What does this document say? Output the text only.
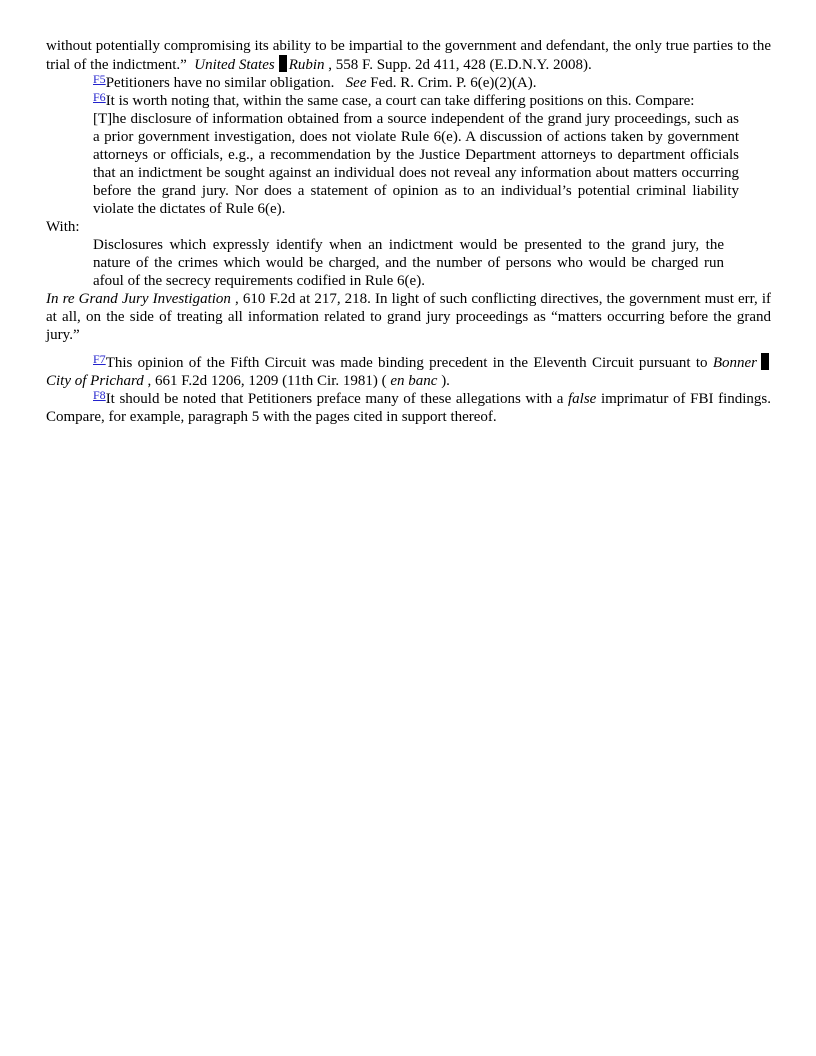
without potentially compromising its ability to be impartial to the government and defendant, the only true parties to the trial of the indictment.” United States Rubin , 558 F. Supp. 2d 411, 428 (E.D.N.Y. 2008).

$^{F5}$Petitioners have no similar obligation. See Fed. R. Crim. P. 6(e)(2)(A).

$^{F6}$It is worth noting that, within the same case, a court can take differing positions on this. Compare:

[T]he disclosure of information obtained from a source independent of the grand jury proceedings, such as a prior government investigation, does not violate Rule 6(e). A discussion of actions taken by government attorneys or officials, e.g., a recommendation by the Justice Department attorneys to department officials that an indictment be sought against an individual does not reveal any information about matters occurring before the grand jury. Nor does a statement of opinion as to an individual’s potential criminal liability violate the dictates of Rule 6(e).

With:

Disclosures which expressly identify when an indictment would be presented to the grand jury, the nature of the crimes which would be charged, and the number of persons who would be charged run afoul of the secrecy requirements codified in Rule 6(e).

In re Grand Jury Investigation , 610 F.2d at 217, 218. In light of such conflicting directives, the government must err, if at all, on the side of treating all information related to grand jury proceedings as “matters occurring before the grand jury.”

$^{F7}$This opinion of the Fifth Circuit was made binding precedent in the Eleventh Circuit pursuant to BonnerCity of Prichard , 661 F.2d 1206, 1209 (11th Cir. 1981) ( en banc ).

$^{F8}$It should be noted that Petitioners preface many of these allegations with a false imprimatur of FBI findings. Compare, for example, paragraph 5 with the pages cited in support thereof.
